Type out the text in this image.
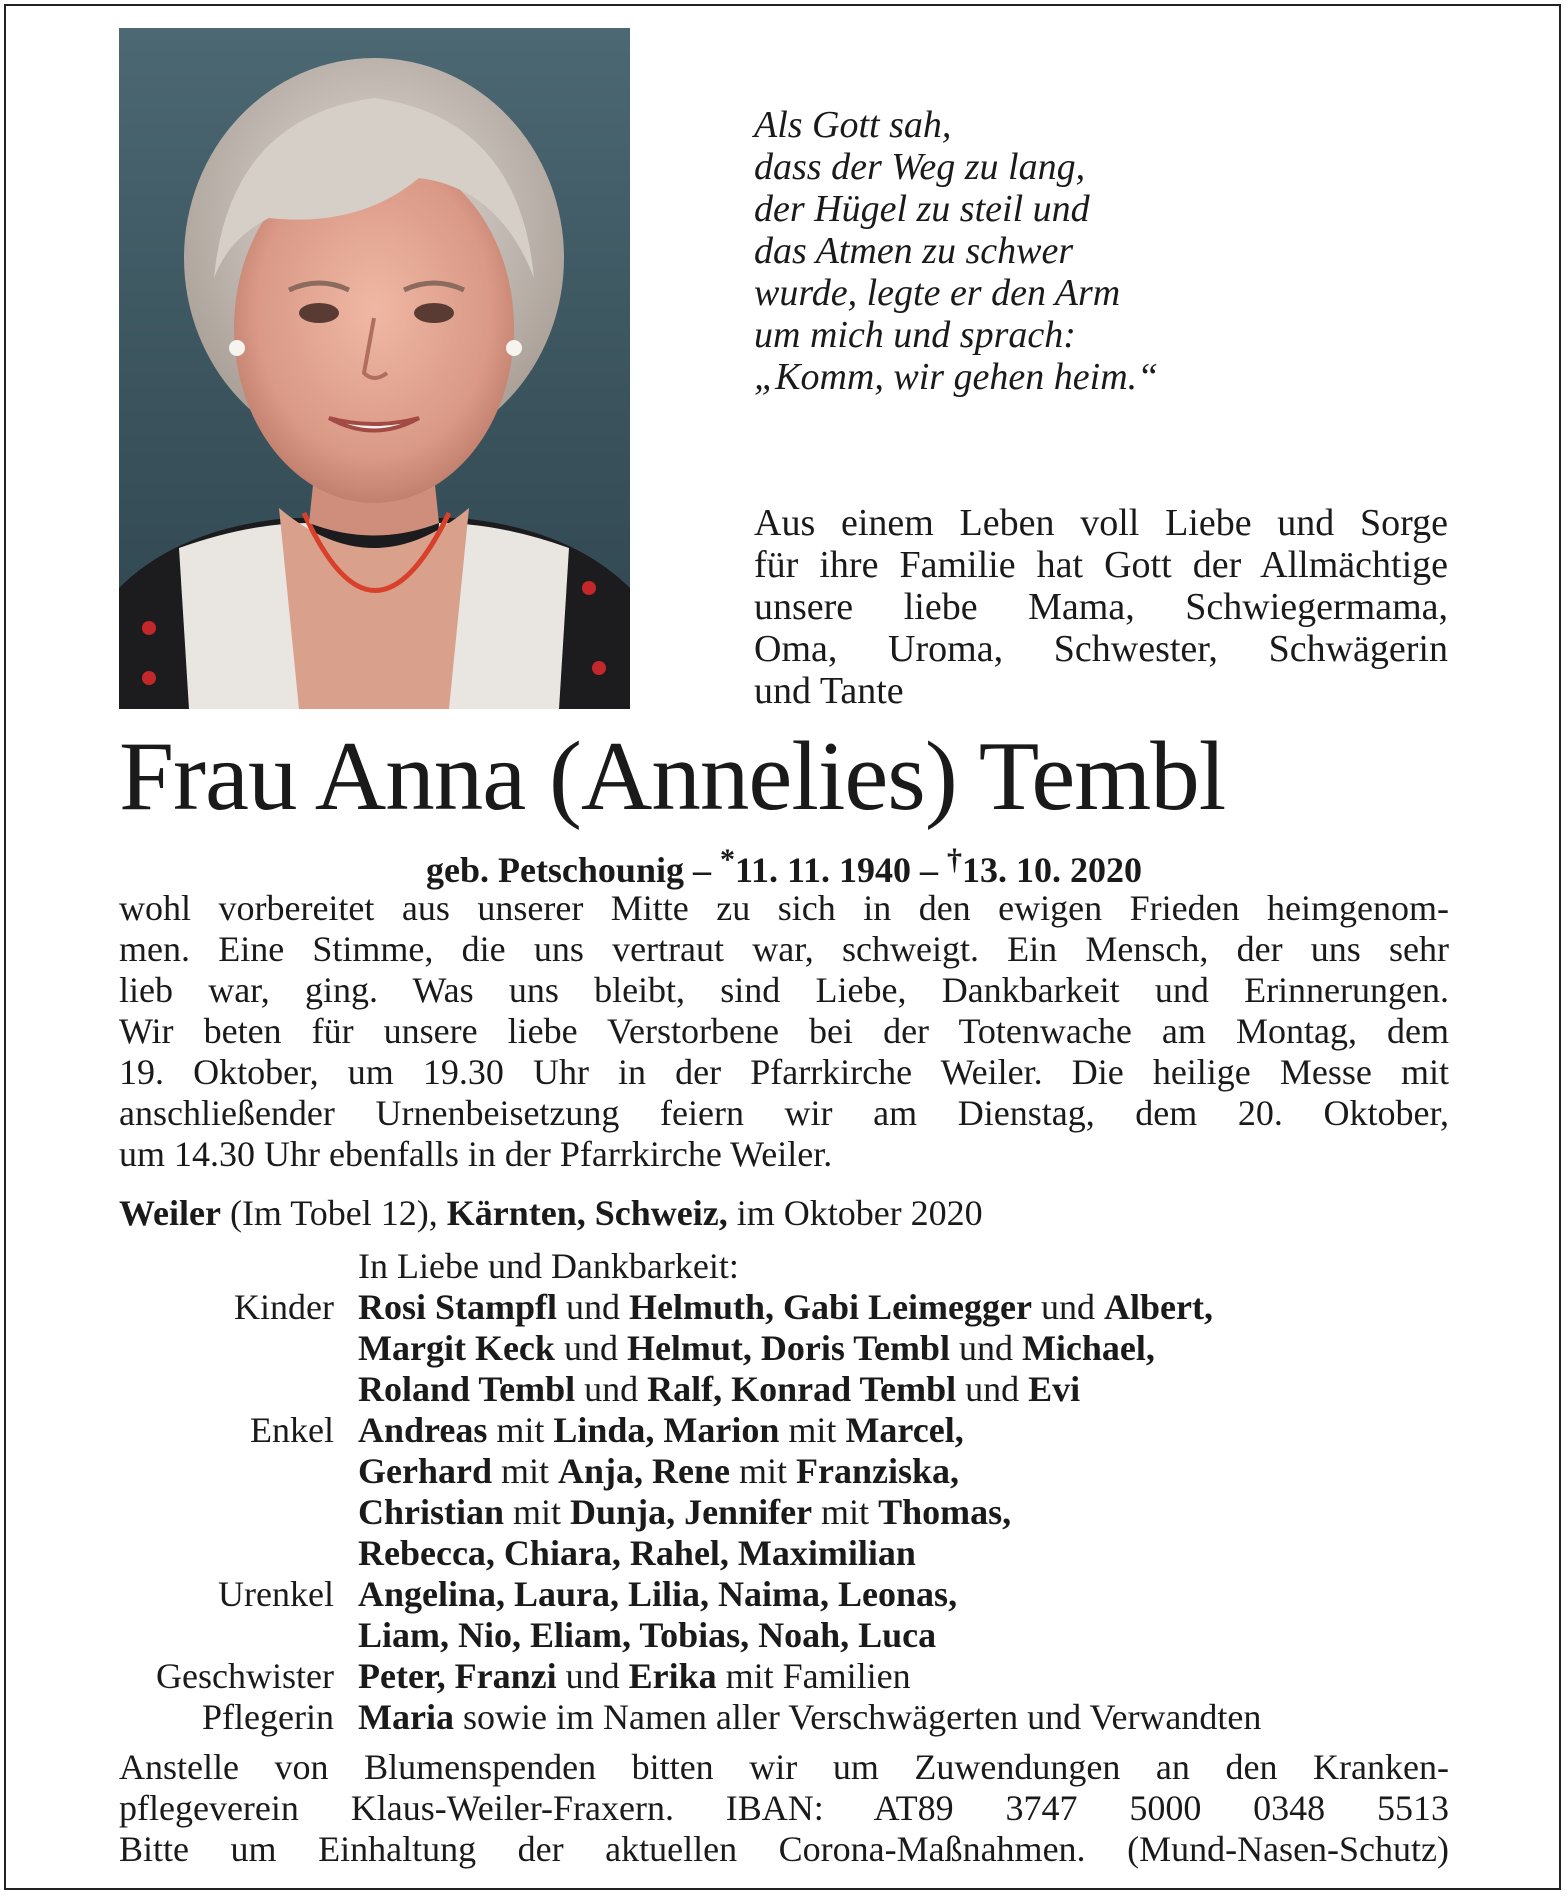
Als Gott sah,
dass der Weg zu lang,
der Hügel zu steil und
das Atmen zu schwer
wurde, legte er den Arm
um mich und sprach:
„Komm, wir gehen heim.“
Aus einem Leben voll Liebe und Sorge
für ihre Familie hat Gott der Allmächtige
unsere liebe Mama, Schwiegermama,
Oma, Uroma, Schwester, Schwägerin
und Tante
Frau Anna (Annelies) Tembl
geb. Petschounig – *11. 11. 1940 – †13. 10. 2020
wohl vorbereitet aus unserer Mitte zu sich in den ewigen Frieden heimgenom-
men. Eine Stimme, die uns vertraut war, schweigt. Ein Mensch, der uns sehr
lieb war, ging. Was uns bleibt, sind Liebe, Dankbarkeit und Erinnerungen.
Wir beten für unsere liebe Verstorbene bei der Totenwache am Montag, dem
19. Oktober, um 19.30 Uhr in der Pfarrkirche Weiler. Die heilige Messe mit
anschließender Urnenbeisetzung feiern wir am Dienstag, dem 20. Oktober,
um 14.30 Uhr ebenfalls in der Pfarrkirche Weiler.
Weiler (Im Tobel 12), Kärnten, Schweiz, im Oktober 2020
In Liebe und Dankbarkeit:
Kinder Rosi Stampfl und Helmuth, Gabi Leimegger und Albert,
Margit Keck und Helmut, Doris Tembl und Michael,
Roland Tembl und Ralf, Konrad Tembl und Evi
Enkel Andreas mit Linda, Marion mit Marcel,
Gerhard mit Anja, Rene mit Franziska,
Christian mit Dunja, Jennifer mit Thomas,
Rebecca, Chiara, Rahel, Maximilian
Urenkel Angelina, Laura, Lilia, Naima, Leonas,
Liam, Nio, Eliam, Tobias, Noah, Luca
Geschwister Peter, Franzi und Erika mit Familien
Pflegerin Maria sowie im Namen aller Verschwägerten und Verwandten
Anstelle von Blumenspenden bitten wir um Zuwendungen an den Kranken-
pflegeverein Klaus-Weiler-Fraxern. IBAN: AT89 3747 5000 0348 5513
Bitte um Einhaltung der aktuellen Corona-Maßnahmen. (Mund-Nasen-Schutz)
